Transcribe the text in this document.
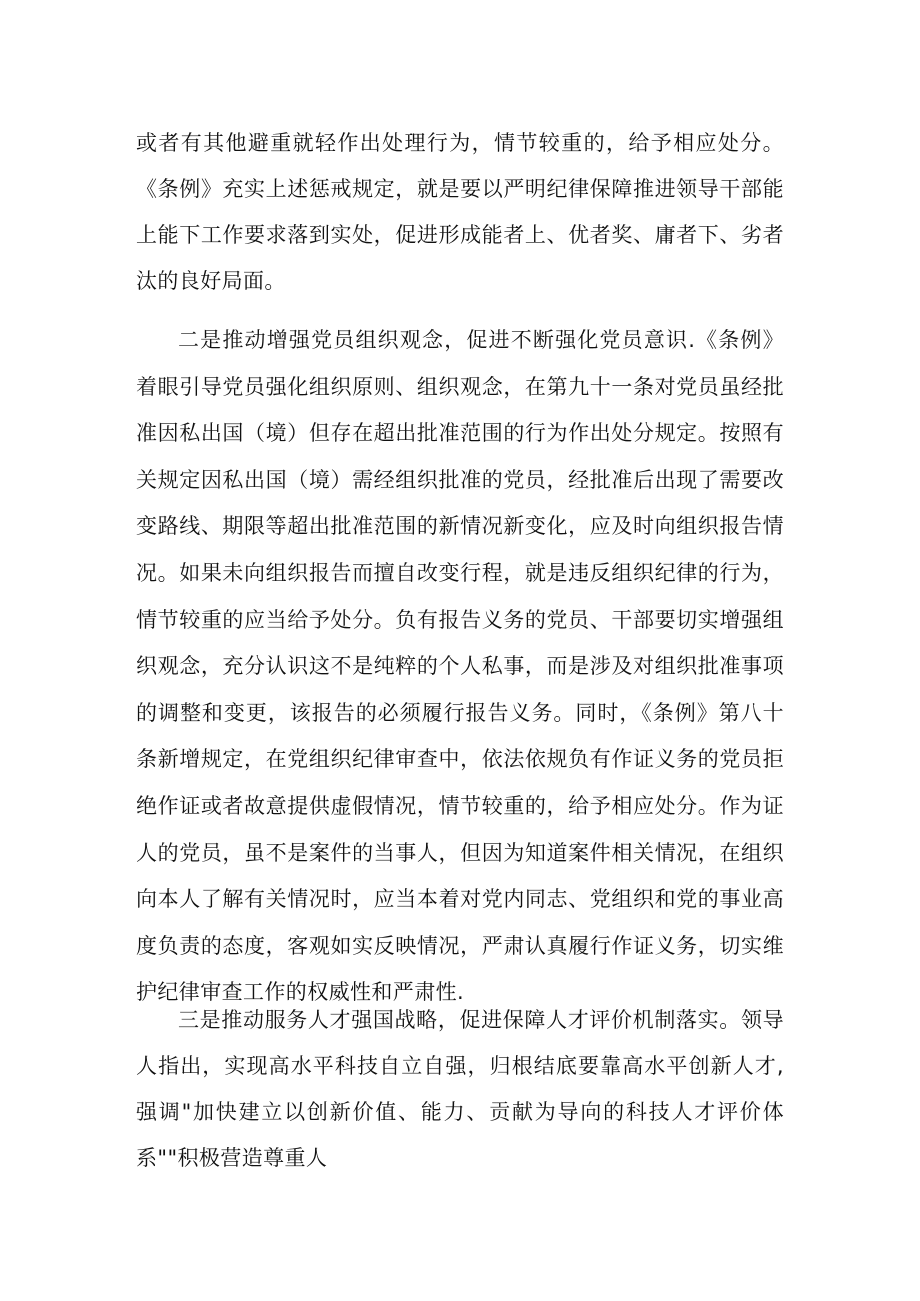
或者有其他避重就轻作出处理行为，情节较重的，给予相应处分。《条例》充实上述惩戒规定，就是要以严明纪律保障推进领导干部能上能下工作要求落到实处，促进形成能者上、优者奖、庸者下、劣者汰的良好局面。

二是推动增强党员组织观念，促进不断强化党员意识.《条例》着眼引导党员强化组织原则、组织观念，在第九十一条对党员虽经批准因私出国（境）但存在超出批准范围的行为作出处分规定。按照有关规定因私出国（境）需经组织批准的党员，经批准后出现了需要改变路线、期限等超出批准范围的新情况新变化，应及时向组织报告情况。如果未向组织报告而擅自改变行程，就是违反组织纪律的行为，情节较重的应当给予处分。负有报告义务的党员、干部要切实增强组织观念，充分认识这不是纯粹的个人私事，而是涉及对组织批准事项的调整和变更，该报告的必须履行报告义务。同时，《条例》第八十条新增规定，在党组织纪律审查中，依法依规负有作证义务的党员拒绝作证或者故意提供虚假情况，情节较重的，给予相应处分。作为证人的党员，虽不是案件的当事人，但因为知道案件相关情况，在组织向本人了解有关情况时，应当本着对党内同志、党组织和党的事业高度负责的态度，客观如实反映情况，严肃认真履行作证义务，切实维护纪律审查工作的权威性和严肃性.

三是推动服务人才强国战略，促进保障人才评价机制落实。领导人指出，实现高水平科技自立自强，归根结底要靠高水平创新人才,强调"加快建立以创新价值、能力、贡献为导向的科技人才评价体系""积极营造尊重人
